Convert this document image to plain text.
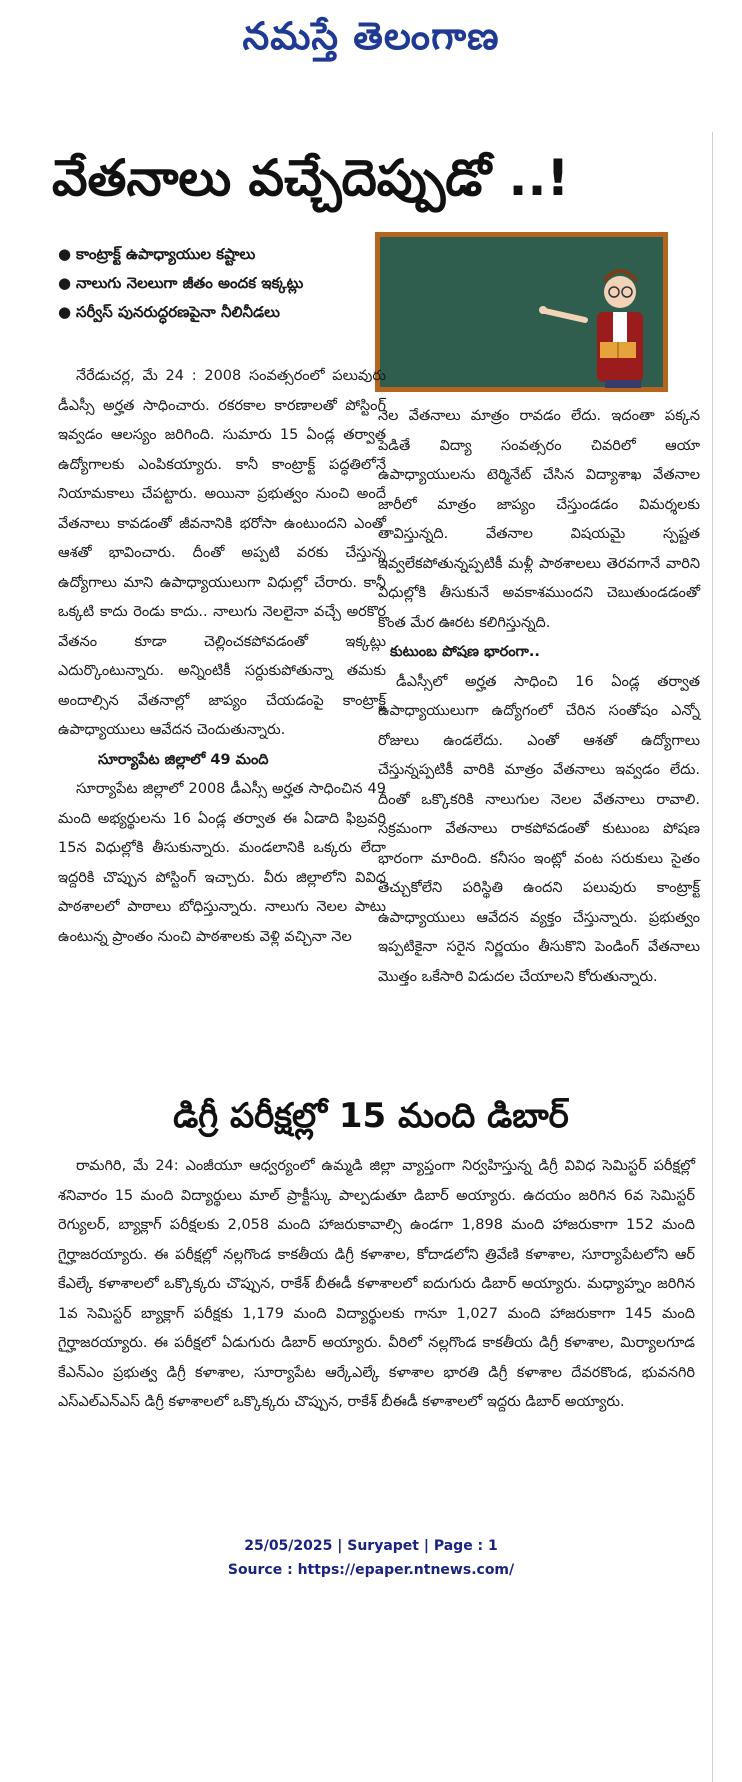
నమస్తే తెలంగాణ
వేతనాలు వచ్చేదెప్పుడో ..!
● కాంట్రాక్ట్ ఉపాధ్యాయుల కష్టాలు
● నాలుగు నెలలుగా జీతం అందక ఇక్కట్లు
● సర్వీస్ పునరుద్ధరణపైనా నీలినీడలు

నేరేడుచర్ల, మే 24 : 2008 సంవత్సరంలో పలువురు డీఎస్సీ అర్హత సాధించారు. రకరకాల కారణాలతో పోస్టింగ్ ఇవ్వడం ఆలస్యం జరిగింది. సుమారు 15 ఏండ్ల తర్వాత ఉద్యోగాలకు ఎంపికయ్యారు. కానీ కాంట్రాక్ట్ పద్ధతిలోనే నియామకాలు చేపట్టారు. అయినా ప్రభుత్వం నుంచి అందే వేతనాలు కావడంతో జీవనానికి భరోసా ఉంటుందని ఎంతో ఆశతో భావించారు. దీంతో అప్పటి వరకు చేస్తున్న ఉద్యోగాలు మాని ఉపాధ్యాయులుగా విధుల్లో చేరారు. కానీ ఒక్కటి కాదు రెండు కాదు.. నాలుగు నెలలైనా వచ్చే అరకొర వేతనం కూడా చెల్లించకపోవడంతో ఇక్కట్లు ఎదుర్కొంటున్నారు. అన్నింటికీ సర్దుకుపోతున్నా తమకు అందాల్సిన వేతనాల్లో జాప్యం చేయడంపై కాంట్రాక్ట్ ఉపాధ్యాయులు ఆవేదన చెందుతున్నారు.

సూర్యాపేట జిల్లాలో 49 మంది

సూర్యాపేట జిల్లాలో 2008 డీఎస్సీ అర్హత సాధించిన 49 మంది అభ్యర్థులను 16 ఏండ్ల తర్వాత ఈ ఏడాది ఫిబ్రవరి 15న విధుల్లోకి తీసుకున్నారు. మండలానికి ఒక్కరు లేదా ఇద్దరికి చొప్పున పోస్టింగ్ ఇచ్చారు. వీరు జిల్లాలోని వివిధ పాఠశాలలో పాఠాలు బోధిస్తున్నారు. నాలుగు నెలల పాటు ఉంటున్న ప్రాంతం నుంచి పాఠశాలకు వెళ్లి వచ్చినా నెల

నెల వేతనాలు మాత్రం రావడం లేదు. ఇదంతా పక్కన పెడితే విద్యా సంవత్సరం చివరిలో ఆయా ఉపాధ్యాయులను టెర్మినేట్ చేసిన విద్యాశాఖ వేతనాల జారీలో మాత్రం జాప్యం చేస్తుండడం విమర్శలకు తావిస్తున్నది. వేతనాల విషయమై స్పష్టత ఇవ్వలేకపోతున్నప్పటికీ మళ్లీ పాఠశాలలు తెరవగానే వారిని విధుల్లోకి తీసుకునే అవకాశముందని చెబుతుండడంతో కొంత మేర ఊరట కలిగిస్తున్నది.

కుటుంబ పోషణ భారంగా..

డీఎస్సీలో అర్హత సాధించి 16 ఏండ్ల తర్వాత ఉపాధ్యాయులుగా ఉద్యోగంలో చేరిన సంతోషం ఎన్నో రోజులు ఉండలేదు. ఎంతో ఆశతో ఉద్యోగాలు చేస్తున్నప్పటికీ వారికి మాత్రం వేతనాలు ఇవ్వడం లేదు. దీంతో ఒక్కొకరికి నాలుగుల నెలల వేతనాలు రావాలి. సక్రమంగా వేతనాలు రాకపోవడంతో కుటుంబ పోషణ భారంగా మారింది. కనీసం ఇంట్లో వంట సరుకులు సైతం తెచ్చుకోలేని పరిస్థితి ఉందని పలువురు కాంట్రాక్ట్ ఉపాధ్యాయులు ఆవేదన వ్యక్తం చేస్తున్నారు. ప్రభుత్వం ఇప్పటికైనా సరైన నిర్ణయం తీసుకొని పెండింగ్ వేతనాలు మొత్తం ఒకేసారి విడుదల చేయాలని కోరుతున్నారు.

డిగ్రీ పరీక్షల్లో 15 మంది డిబార్

రామగిరి, మే 24: ఎంజీయూ ఆధ్వర్యంలో ఉమ్మడి జిల్లా వ్యాప్తంగా నిర్వహిస్తున్న డిగ్రీ వివిధ సెమిస్టర్ పరీక్షల్లో శనివారం 15 మంది విద్యార్థులు మాల్ ప్రాక్టీస్కు పాల్పడుతూ డిబార్ అయ్యారు. ఉదయం జరిగిన 6వ సెమిస్టర్ రెగ్యులర్, బ్యాక్లాగ్ పరీక్షలకు 2,058 మంది హాజరుకావాల్సి ఉండగా 1,898 మంది హాజరుకాగా 152 మంది గైర్హాజరయ్యారు. ఈ పరీక్షల్లో నల్లగొండ కాకతీయ డిగ్రీ కళాశాల, కోదాడలోని త్రివేణి కళాశాల, సూర్యాపేటలోని ఆర్ కేఎల్కే కళాశాలలో ఒక్కొక్కరు చొప్పున, రాకేశ్ బీఈడీ కళాశాలలో ఐదుగురు డిబార్ అయ్యారు. మధ్యాహ్నం జరిగిన 1వ సెమిస్టర్ బ్యాక్లాగ్ పరీక్షకు 1,179 మంది విద్యార్థులకు గానూ 1,027 మంది హాజరుకాగా 145 మంది గైర్హాజరయ్యారు. ఈ పరీక్షలో ఏడుగురు డిబార్ అయ్యారు. వీరిలో నల్లగొండ కాకతీయ డిగ్రీ కళాశాల, మిర్యాలగూడ కేఎన్ఎం ప్రభుత్వ డిగ్రీ కళాశాల, సూర్యాపేట ఆర్కేఎల్కే కళాశాల భారతి డిగ్రీ కళాశాల దేవరకొండ, భువనగిరి ఎస్ఎల్ఎన్ఎస్ డిగ్రీ కళాశాలలో ఒక్కొక్కరు చొప్పున, రాకేశ్ బీఈడీ కళాశాలలో ఇద్దరు డిబార్ అయ్యారు.

25/05/2025 | Suryapet | Page : 1
Source : https://epaper.ntnews.com/
